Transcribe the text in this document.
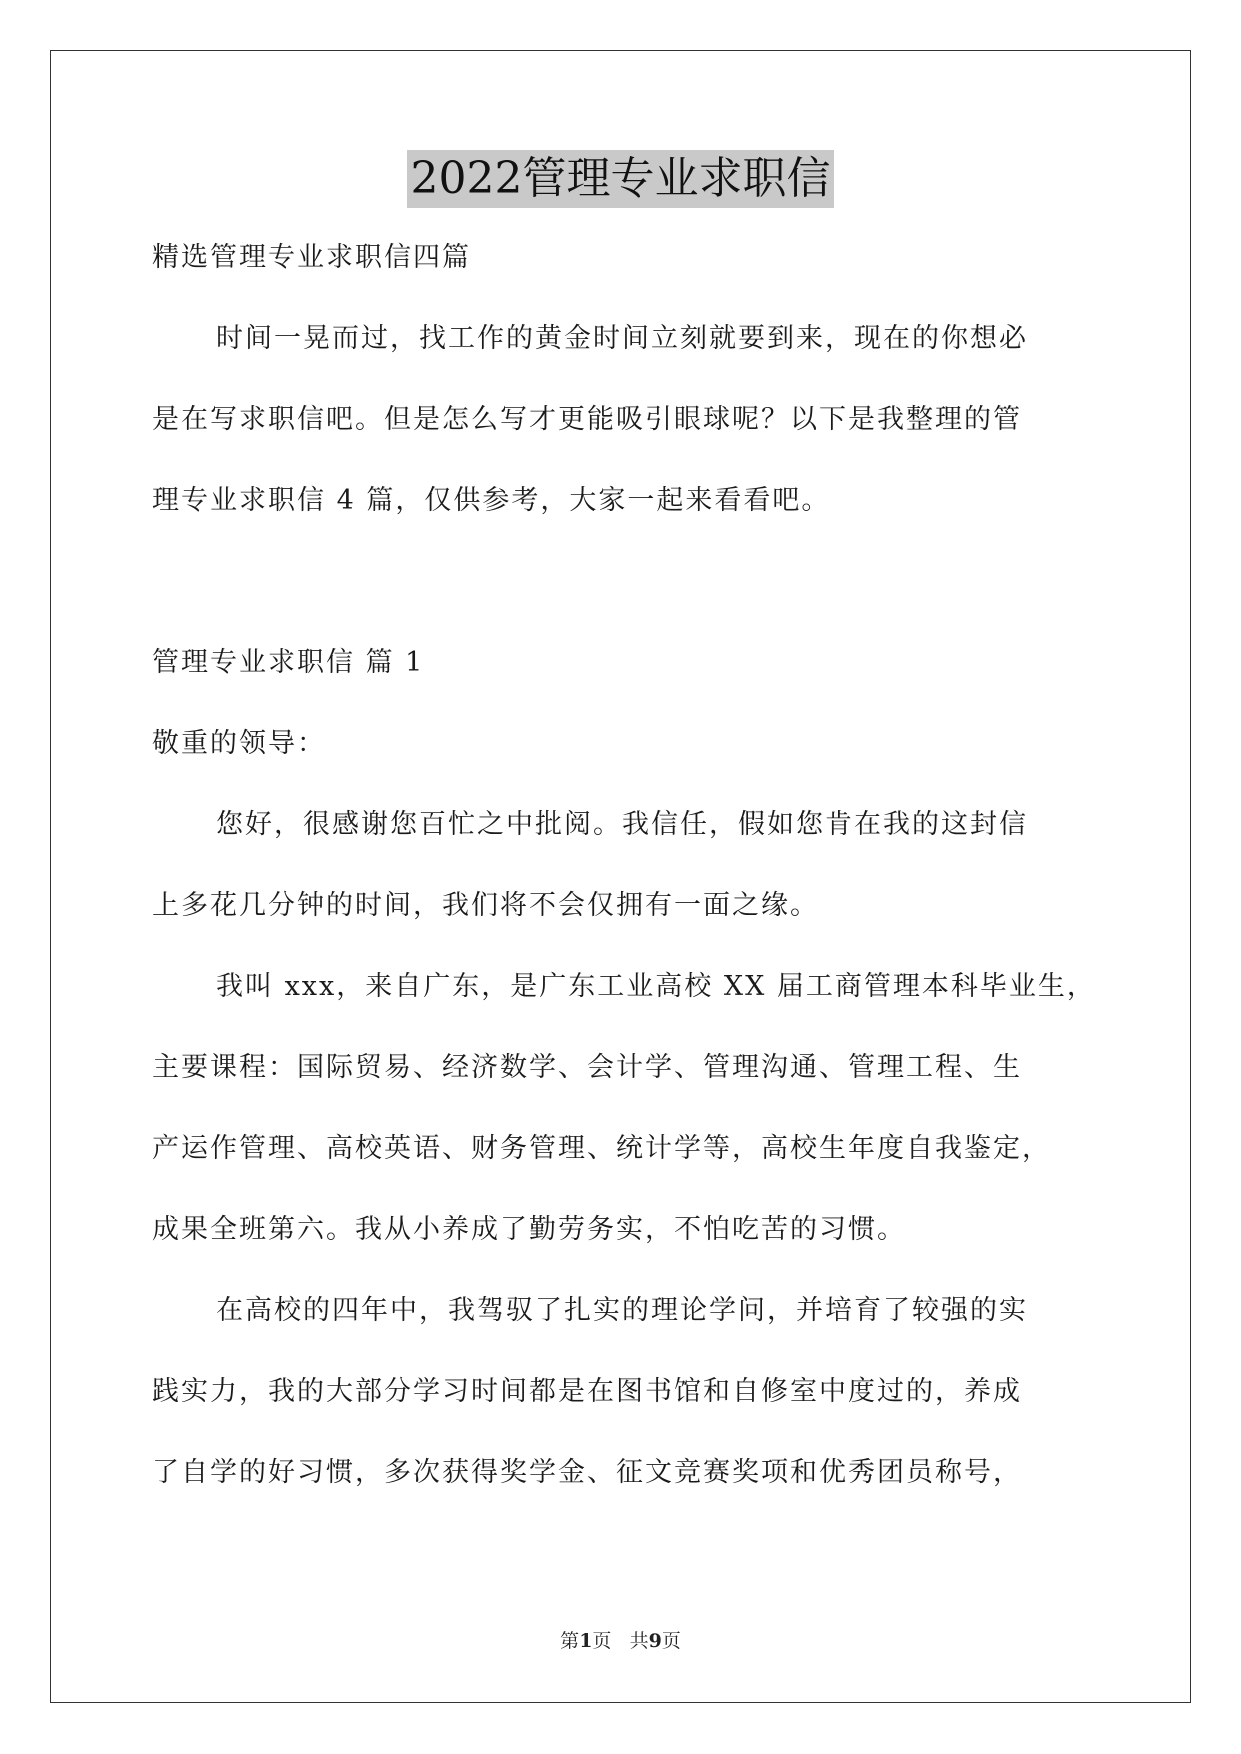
2022管理专业求职信

精选管理专业求职信四篇

时间一晃而过，找工作的黄金时间立刻就要到来，现在的你想必

是在写求职信吧。但是怎么写才更能吸引眼球呢？以下是我整理的管

理专业求职信 4 篇，仅供参考，大家一起来看看吧。

管理专业求职信 篇 1

敬重的领导：

您好，很感谢您百忙之中批阅。我信任，假如您肯在我的这封信

上多花几分钟的时间，我们将不会仅拥有一面之缘。

我叫 xxx，来自广东，是广东工业高校 XX 届工商管理本科毕业生，

主要课程：国际贸易、经济数学、会计学、管理沟通、管理工程、生

产运作管理、高校英语、财务管理、统计学等，高校生年度自我鉴定，

成果全班第六。我从小养成了勤劳务实，不怕吃苦的习惯。

在高校的四年中，我驾驭了扎实的理论学问，并培育了较强的实

践实力，我的大部分学习时间都是在图书馆和自修室中度过的，养成

了自学的好习惯，多次获得奖学金、征文竞赛奖项和优秀团员称号，

第1页 共9页
